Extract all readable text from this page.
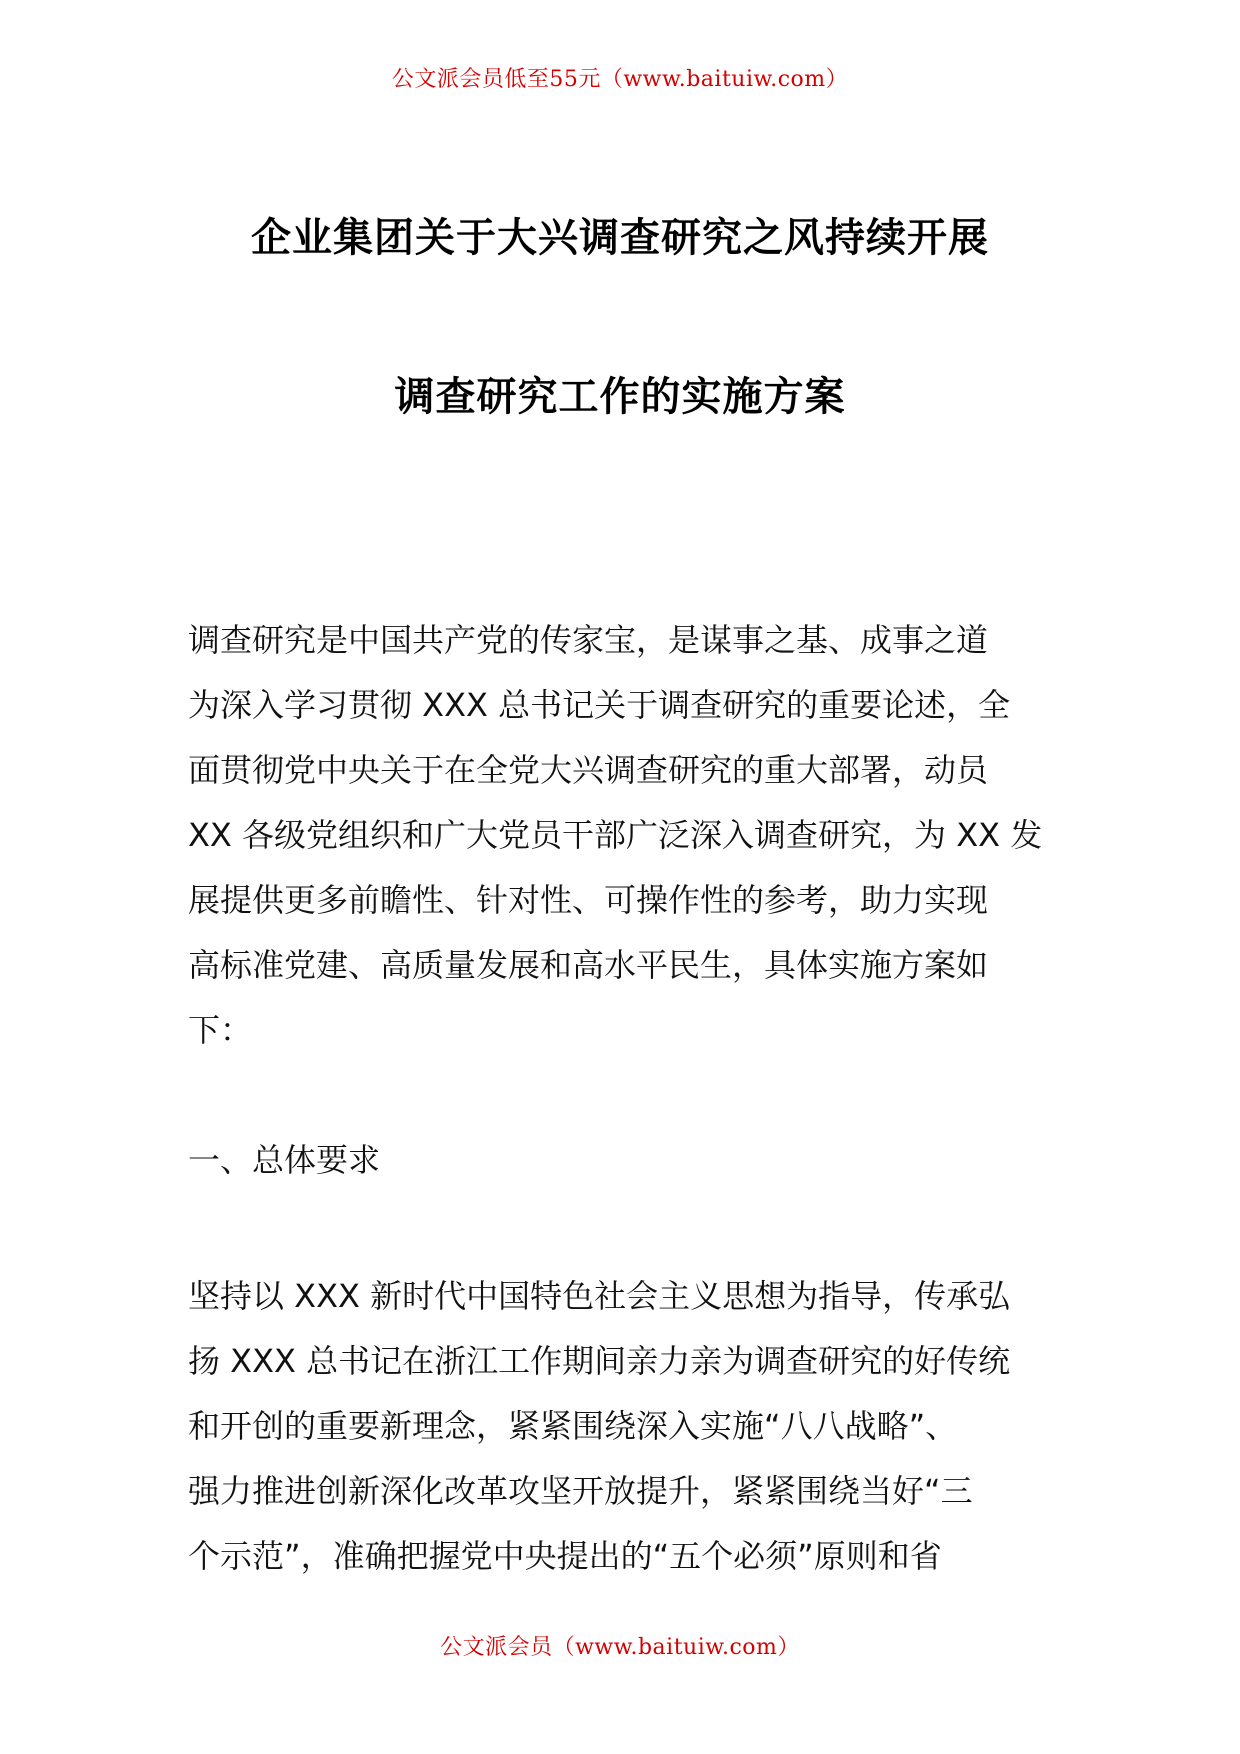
公文派会员低至55元（www.baituiw.com）
企业集团关于大兴调查研究之风持续开展
调查研究工作的实施方案
调查研究是中国共产党的传家宝，是谋事之基、成事之道
为深入学习贯彻 XXX 总书记关于调查研究的重要论述，全
面贯彻党中央关于在全党大兴调查研究的重大部署，动员
XX 各级党组织和广大党员干部广泛深入调查研究，为 XX 发
展提供更多前瞻性、针对性、可操作性的参考，助力实现
高标准党建、高质量发展和高水平民生，具体实施方案如
下：
一、总体要求
坚持以 XXX 新时代中国特色社会主义思想为指导，传承弘
扬 XXX 总书记在浙江工作期间亲力亲为调查研究的好传统
和开创的重要新理念，紧紧围绕深入实施“八八战略”、
强力推进创新深化改革攻坚开放提升，紧紧围绕当好“三
个示范”，准确把握党中央提出的“五个必须”原则和省
公文派会员（www.baituiw.com）
